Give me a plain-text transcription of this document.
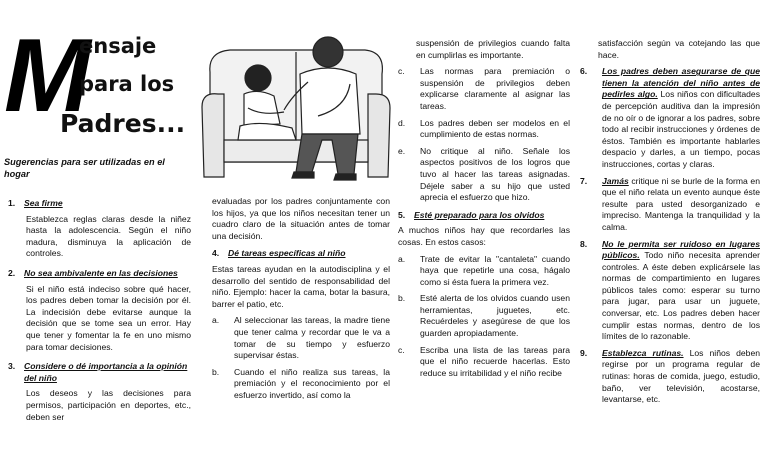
M
ensaje
para los
Padres...
Sugerencias para ser utilizadas en el hogar
1.	Sea firme

Establezca reglas claras desde la niñez hasta la adolescencia. Según el niño madura, disminuya la aplicación de controles.

2.	No sea ambivalente en las decisiones

Si el niño está indeciso sobre qué hacer, los padres deben tomar la decisión por él. La indecisión debe evitarse aunque la decisión que se tome sea un error. Hay que tener y fomentar la fe en uno mismo para tomar decisiones.

3.	Considere o dé importancia a la opinión del niño

Los deseos y las decisiones para permisos, participación en deportes, etc., deben ser

evaluadas por los padres conjuntamente con los hijos, ya que los niños necesitan tener un cuadro claro de la situación antes de tomar una decisión.

4.	Dé tareas específicas al niño

Estas tareas ayudan en la autodisciplina y el desarrollo del sentido de responsabilidad del niño. Ejemplo: hacer la cama, botar la basura, barrer el patio, etc.

a.	Al seleccionar las tareas, la madre tiene que tener calma y recordar que le va a tomar de su tiempo y esfuerzo supervisar éstas.
b.	Cuando el niño realiza sus tareas, la premiación y el reconocimiento por el esfuerzo invertido, así como la

suspensión de privilegios cuando falta en cumplirlas es importante.

c.	Las normas para premiación o suspensión de privilegios deben explicarse claramente al asignar las tareas.
d.	Los padres deben ser modelos en el cumplimiento de estas normas.
e.	No critique al niño. Señale los aspectos positivos de los logros que tuvo al hacer las tareas asignadas. Déjele saber a su hijo que usted aprecia el esfuerzo que hizo.
5.	Esté preparado para los olvidos

A muchos niños hay que recordarles las cosas. En estos casos:

a.	Trate de evitar la "cantaleta" cuando haya que repetirle una cosa, hágalo como si ésta fuera la primera vez.
b.	Esté alerta de los olvidos cuando usen herramientas, juguetes, etc. Recuérdeles y asegúrese de que los guarden apropiadamente.
c.	Escriba una lista de las tareas para que el niño recuerde hacerlas. Esto reduce su irritabilidad y el niño recibe

satisfacción según va cotejando las que hace.

6.	Los padres deben asegurarse de que tienen la atención del niño antes de pedirles algo. Los niños con dificultades de percepción auditiva dan la impresión de no oír o de ignorar a los padres, sobre todo al recibir instrucciones y órdenes de éstos. También es importante hablarles despacio y darles, a un tiempo, pocas instrucciones, cortas y claras.
7.	Jamás critique ni se burle de la forma en que el niño relata un evento aunque éste resulte para usted desorganizado e impreciso. Mantenga la tranquilidad y la calma.
8.	No le permita ser ruidoso en lugares públicos. Todo niño necesita aprender controles. A éste deben explicársele las normas de compartimiento en lugares públicos tales como: esperar su turno para jugar, para usar un juguete, conversar, etc. Los padres deben hacer cumplir estas normas, dentro de los límites de lo razonable.
9.	Establezca rutinas. Los niños deben regirse por un programa regular de rutinas: horas de comida, juego, estudio, baño, ver televisión, acostarse, levantarse, etc.
